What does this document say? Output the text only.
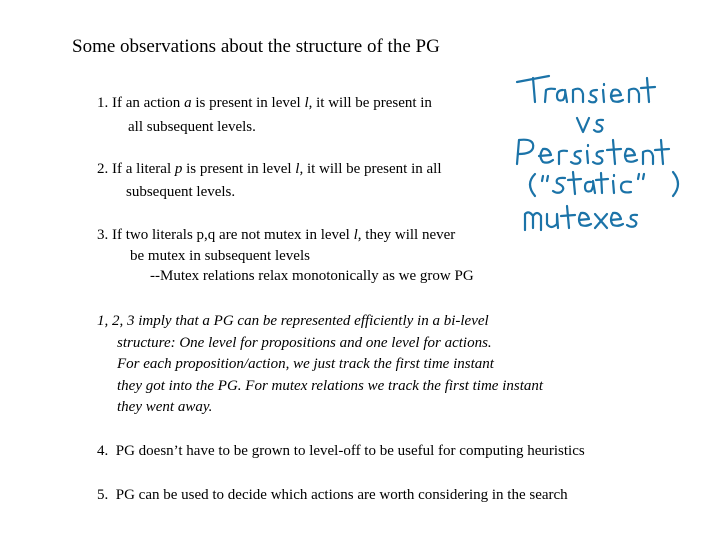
Some observations about the structure of the PG
1. If an action a is present in level l, it will be present in
all subsequent levels.
2. If a literal p is present in level l, it will be present in all
subsequent levels.
3. If two literals p,q are not mutex in level l, they will never
be mutex in subsequent levels
--Mutex relations relax monotonically as we grow PG
1, 2, 3 imply that a PG can be represented efficiently in a bi-level
structure: One level for propositions and one level for actions.
For each proposition/action, we just track the first time instant
they got into the PG. For mutex relations we track the first time instant
they went away.
4. PG doesn’t have to be grown to level-off to be useful for computing heuristics
5. PG can be used to decide which actions are worth considering in the search
